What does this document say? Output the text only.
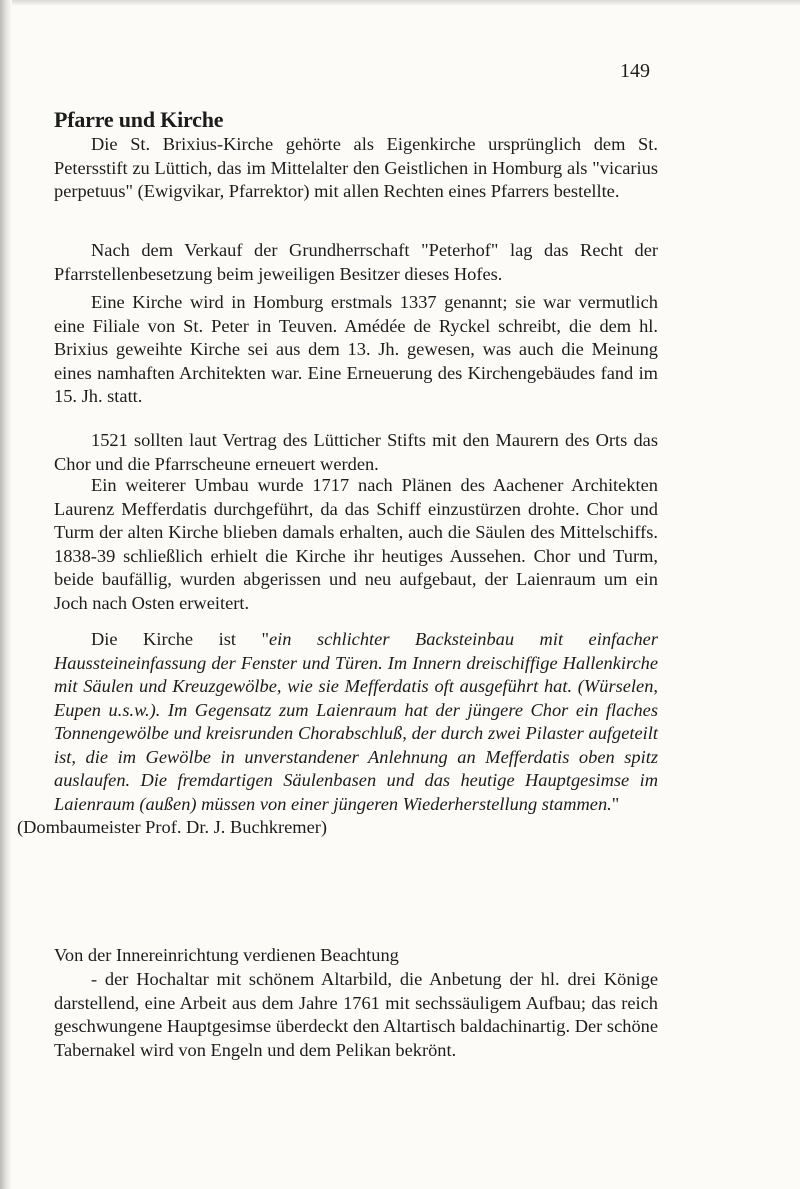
149
Pfarre und Kirche

Die St. Brixius-Kirche gehörte als Eigenkirche ursprünglich dem St. Petersstift zu Lüttich, das im Mittelalter den Geistlichen in Homburg als "vicarius perpetuus" (Ewigvikar, Pfarrektor) mit allen Rechten eines Pfarrers bestellte.

Nach dem Verkauf der Grundherrschaft "Peterhof" lag das Recht der Pfarrstellenbesetzung beim jeweiligen Besitzer dieses Hofes.

Eine Kirche wird in Homburg erstmals 1337 genannt; sie war vermutlich eine Filiale von St. Peter in Teuven. Amédée de Ryckel schreibt, die dem hl. Brixius geweihte Kirche sei aus dem 13. Jh. gewesen, was auch die Meinung eines namhaften Architekten war. Eine Erneuerung des Kirchengebäudes fand im 15. Jh. statt.

1521 sollten laut Vertrag des Lütticher Stifts mit den Maurern des Orts das Chor und die Pfarrscheune erneuert werden.

Ein weiterer Umbau wurde 1717 nach Plänen des Aachener Architekten Laurenz Mefferdatis durchgeführt, da das Schiff einzustürzen drohte. Chor und Turm der alten Kirche blieben damals erhalten, auch die Säulen des Mittelschiffs. 1838-39 schließlich erhielt die Kirche ihr heutiges Aussehen. Chor und Turm, beide baufällig, wurden abgerissen und neu aufgebaut, der Laienraum um ein Joch nach Osten erweitert.

Die Kirche ist "ein schlichter Backsteinbau mit einfacher Haussteineinfassung der Fenster und Türen. Im Innern dreischiffige Hallenkirche mit Säulen und Kreuzgewölbe, wie sie Mefferdatis oft ausgeführt hat. (Würselen, Eupen u.s.w.). Im Gegensatz zum Laienraum hat der jüngere Chor ein flaches Tonnengewölbe und kreisrunden Chorabschluß, der durch zwei Pilaster aufgeteilt ist, die im Gewölbe in unverstandener Anlehnung an Mefferdatis oben spitz auslaufen. Die fremdartigen Säulenbasen und das heutige Hauptgesimse im Laienraum (außen) müssen von einer jüngeren Wiederherstellung stammen."
(Dombaumeister Prof. Dr. J. Buchkremer)

Von der Innereinrichtung verdienen Beachtung

- der Hochaltar mit schönem Altarbild, die Anbetung der hl. drei Könige darstellend, eine Arbeit aus dem Jahre 1761 mit sechssäuligem Aufbau; das reich geschwungene Hauptgesimse überdeckt den Altartisch baldachinartig. Der schöne Tabernakel wird von Engeln und dem Pelikan bekrönt.
